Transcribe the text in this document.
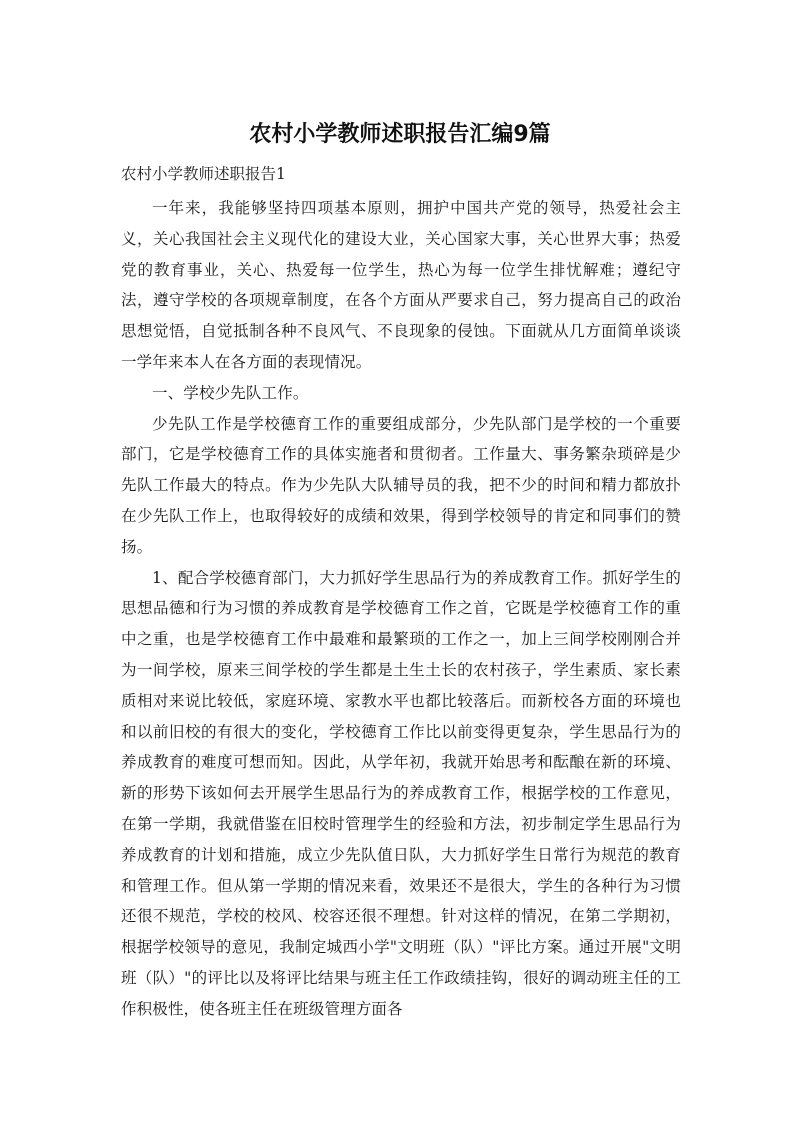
农村小学教师述职报告汇编9篇
农村小学教师述职报告1

一年来，我能够坚持四项基本原则，拥护中国共产党的领导，热爱社会主义，关心我国社会主义现代化的建设大业，关心国家大事，关心世界大事；热爱党的教育事业，关心、热爱每一位学生，热心为每一位学生排忧解难；遵纪守法，遵守学校的各项规章制度，在各个方面从严要求自己，努力提高自己的政治思想觉悟，自觉抵制各种不良风气、不良现象的侵蚀。下面就从几方面简单谈谈一学年来本人在各方面的表现情况。

一、学校少先队工作。

少先队工作是学校德育工作的重要组成部分，少先队部门是学校的一个重要部门，它是学校德育工作的具体实施者和贯彻者。工作量大、事务繁杂琐碎是少先队工作最大的特点。作为少先队大队辅导员的我，把不少的时间和精力都放扑在少先队工作上，也取得较好的成绩和效果，得到学校领导的肯定和同事们的赞扬。

1、配合学校德育部门，大力抓好学生思品行为的养成教育工作。抓好学生的思想品德和行为习惯的养成教育是学校德育工作之首，它既是学校德育工作的重中之重，也是学校德育工作中最难和最繁琐的工作之一，加上三间学校刚刚合并为一间学校，原来三间学校的学生都是土生土长的农村孩子，学生素质、家长素质相对来说比较低，家庭环境、家教水平也都比较落后。而新校各方面的环境也和以前旧校的有很大的变化，学校德育工作比以前变得更复杂，学生思品行为的养成教育的难度可想而知。因此，从学年初，我就开始思考和酝酿在新的环境、新的形势下该如何去开展学生思品行为的养成教育工作，根据学校的工作意见，在第一学期，我就借鉴在旧校时管理学生的经验和方法，初步制定学生思品行为养成教育的计划和措施，成立少先队值日队，大力抓好学生日常行为规范的教育和管理工作。但从第一学期的情况来看，效果还不是很大，学生的各种行为习惯还很不规范，学校的校风、校容还很不理想。针对这样的情况，在第二学期初，根据学校领导的意见，我制定城西小学"文明班（队）"评比方案。通过开展"文明班（队）"的评比以及将评比结果与班主任工作政绩挂钩，很好的调动班主任的工作积极性，使各班主任在班级管理方面各
